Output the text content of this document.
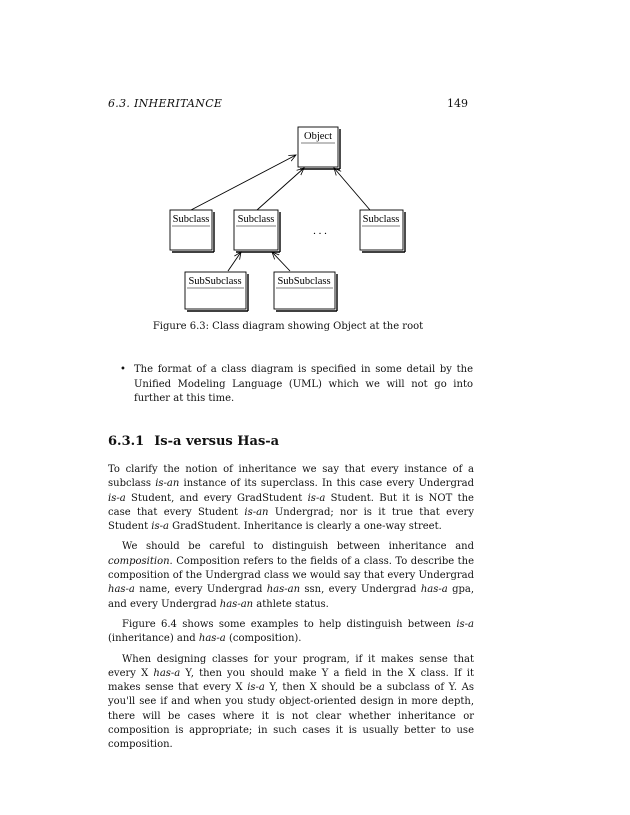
6.3. INHERITANCE	149
Object
Subclass	Subclass
. . .
Subclass
SubSubclass	SubSubclass
Figure 6.3: Class diagram showing Object at the root
• The format of a class diagram is specified in some detail by the Unified Modeling Language (UML) which we will not go into further at this time.
6.3.1 Is-a versus Has-a

To clarify the notion of inheritance we say that every instance of a subclass is-an instance of its superclass. In this case every Undergrad is-a Student, and every GradStudent is-a Student. But it is NOT the case that every Student is-an Undergrad; nor is it true that every Student is-a GradStudent. Inheritance is clearly a one-way street.

We should be careful to distinguish between inheritance and composition. Composition refers to the fields of a class. To describe the composition of the Undergrad class we would say that every Undergrad has-a name, every Undergrad has-an ssn, every Undergrad has-a gpa, and every Undergrad has-an athlete status.

Figure 6.4 shows some examples to help distinguish between is-a (inheritance) and has-a (composition).

When designing classes for your program, if it makes sense that every X has-a Y, then you should make Y a field in the X class. If it makes sense that every X is-a Y, then X should be a subclass of Y. As you'll see if and when you study object-oriented design in more depth, there will be cases where it is not clear whether inheritance or composition is appropriate; in such cases it is usually better to use composition.
